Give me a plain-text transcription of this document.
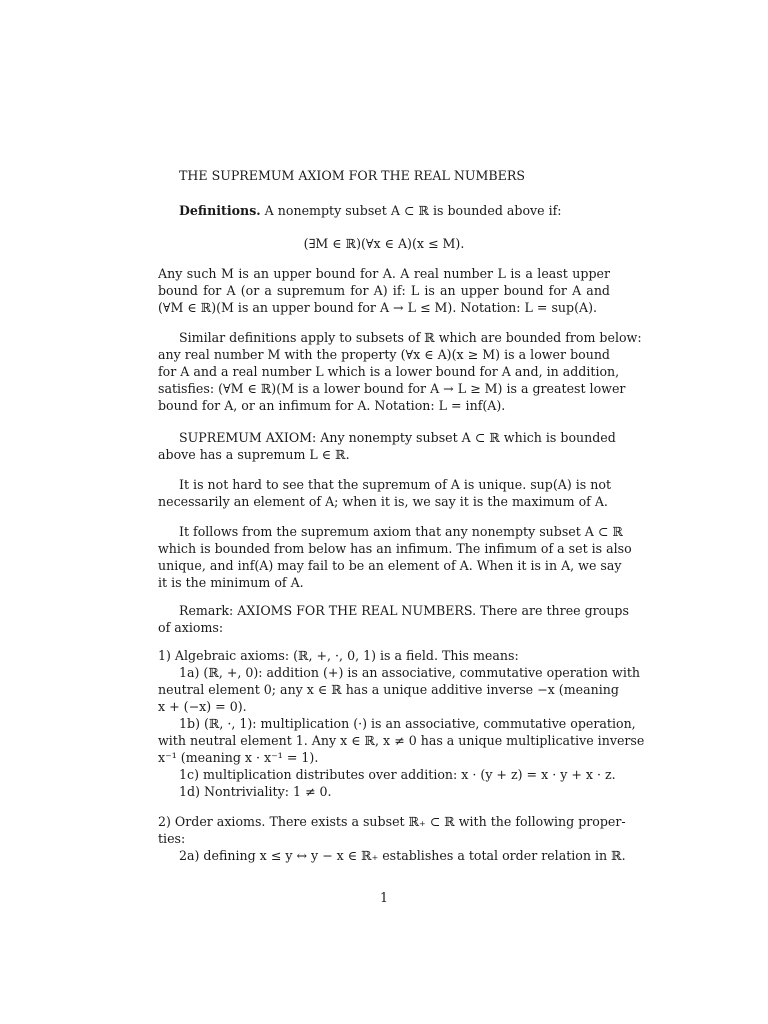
THE SUPREMUM AXIOM FOR THE REAL NUMBERS
Definitions. A nonempty subset A ⊂ ℝ is bounded above if:
(∃M ∈ ℝ)(∀x ∈ A)(x ≤ M).
Any such M is an upper bound for A. A real number L is a least upper
bound for A (or a supremum for A) if: L is an upper bound for A and
(∀M ∈ ℝ)(M is an upper bound for A → L ≤ M). Notation: L = sup(A).
Similar definitions apply to subsets of ℝ which are bounded from below:
any real number M with the property (∀x ∈ A)(x ≥ M) is a lower bound
for A and a real number L which is a lower bound for A and, in addition,
satisfies: (∀M ∈ ℝ)(M is a lower bound for A → L ≥ M) is a greatest lower
bound for A, or an infimum for A. Notation: L = inf(A).
SUPREMUM AXIOM: Any nonempty subset A ⊂ ℝ which is bounded
above has a supremum L ∈ ℝ.
It is not hard to see that the supremum of A is unique. sup(A) is not
necessarily an element of A; when it is, we say it is the maximum of A.
It follows from the supremum axiom that any nonempty subset A ⊂ ℝ
which is bounded from below has an infimum. The infimum of a set is also
unique, and inf(A) may fail to be an element of A. When it is in A, we say
it is the minimum of A.
Remark: AXIOMS FOR THE REAL NUMBERS. There are three groups
of axioms:
1) Algebraic axioms: (ℝ, +, ·, 0, 1) is a field. This means:
1a) (ℝ, +, 0): addition (+) is an associative, commutative operation with
neutral element 0; any x ∈ ℝ has a unique additive inverse −x (meaning
x + (−x) = 0).
1b) (ℝ, ·, 1): multiplication (·) is an associative, commutative operation,
with neutral element 1. Any x ∈ ℝ, x ≠ 0 has a unique multiplicative inverse
x⁻¹ (meaning x · x⁻¹ = 1).
1c) multiplication distributes over addition: x · (y + z) = x · y + x · z.
1d) Nontriviality: 1 ≠ 0.
2) Order axioms. There exists a subset ℝ₊ ⊂ ℝ with the following proper-
ties:
2a) defining x ≤ y ↔ y − x ∈ ℝ₊ establishes a total order relation in ℝ.
1
